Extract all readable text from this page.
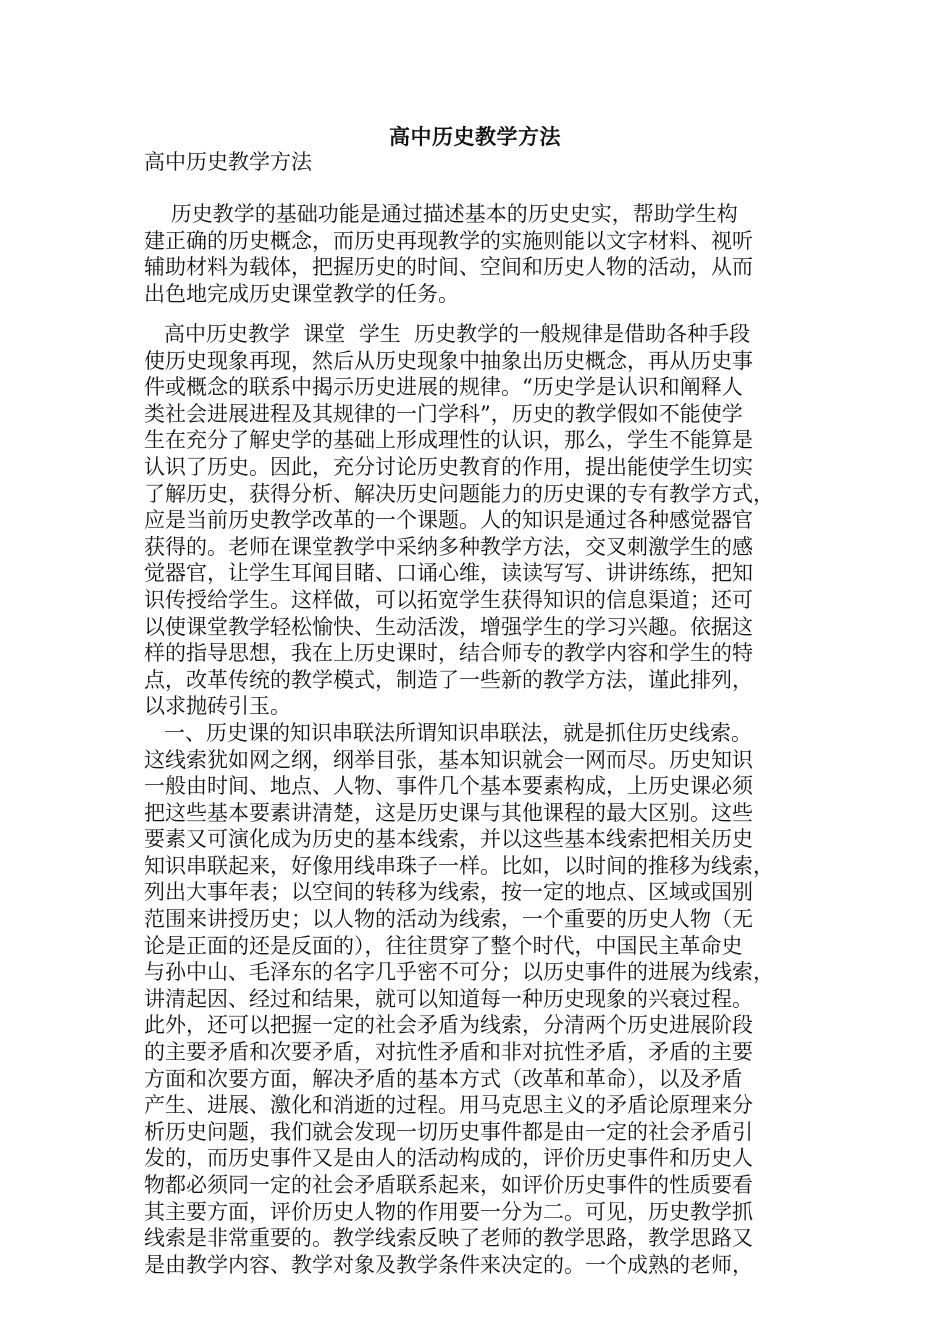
高中历史教学方法
高中历史教学方法
历史教学的基础功能是通过描述基本的历史史实，帮助学生构
建正确的历史概念，而历史再现教学的实施则能以文字材料、视听
辅助材料为载体，把握历史的时间、空间和历史人物的活动，从而
出色地完成历史课堂教学的任务。
高中历史教学  课堂  学生  历史教学的一般规律是借助各种手段
使历史现象再现，然后从历史现象中抽象出历史概念，再从历史事
件或概念的联系中揭示历史进展的规律。“历史学是认识和阐释人
类社会进展进程及其规律的一门学科”，历史的教学假如不能使学
生在充分了解史学的基础上形成理性的认识，那么，学生不能算是
认识了历史。因此，充分讨论历史教育的作用，提出能使学生切实
了解历史，获得分析、解决历史问题能力的历史课的专有教学方式，
应是当前历史教学改革的一个课题。人的知识是通过各种感觉器官
获得的。老师在课堂教学中采纳多种教学方法，交叉刺激学生的感
觉器官，让学生耳闻目睹、口诵心维，读读写写、讲讲练练，把知
识传授给学生。这样做，可以拓宽学生获得知识的信息渠道；还可
以使课堂教学轻松愉快、生动活泼，增强学生的学习兴趣。依据这
样的指导思想，我在上历史课时，结合师专的教学内容和学生的特
点，改革传统的教学模式，制造了一些新的教学方法，谨此排列，
以求抛砖引玉。
一、历史课的知识串联法所谓知识串联法，就是抓住历史线索。
这线索犹如网之纲，纲举目张，基本知识就会一网而尽。历史知识
一般由时间、地点、人物、事件几个基本要素构成，上历史课必须
把这些基本要素讲清楚，这是历史课与其他课程的最大区别。这些
要素又可演化成为历史的基本线索，并以这些基本线索把相关历史
知识串联起来，好像用线串珠子一样。比如，以时间的推移为线索，
列出大事年表；以空间的转移为线索，按一定的地点、区域或国别
范围来讲授历史；以人物的活动为线索，一个重要的历史人物（无
论是正面的还是反面的），往往贯穿了整个时代，中国民主革命史
与孙中山、毛泽东的名字几乎密不可分；以历史事件的进展为线索，
讲清起因、经过和结果，就可以知道每一种历史现象的兴衰过程。
此外，还可以把握一定的社会矛盾为线索，分清两个历史进展阶段
的主要矛盾和次要矛盾，对抗性矛盾和非对抗性矛盾，矛盾的主要
方面和次要方面，解决矛盾的基本方式（改革和革命），以及矛盾
产生、进展、激化和消逝的过程。用马克思主义的矛盾论原理来分
析历史问题，我们就会发现一切历史事件都是由一定的社会矛盾引
发的，而历史事件又是由人的活动构成的，评价历史事件和历史人
物都必须同一定的社会矛盾联系起来，如评价历史事件的性质要看
其主要方面，评价历史人物的作用要一分为二。可见，历史教学抓
线索是非常重要的。教学线索反映了老师的教学思路，教学思路又
是由教学内容、教学对象及教学条件来决定的。一个成熟的老师，
